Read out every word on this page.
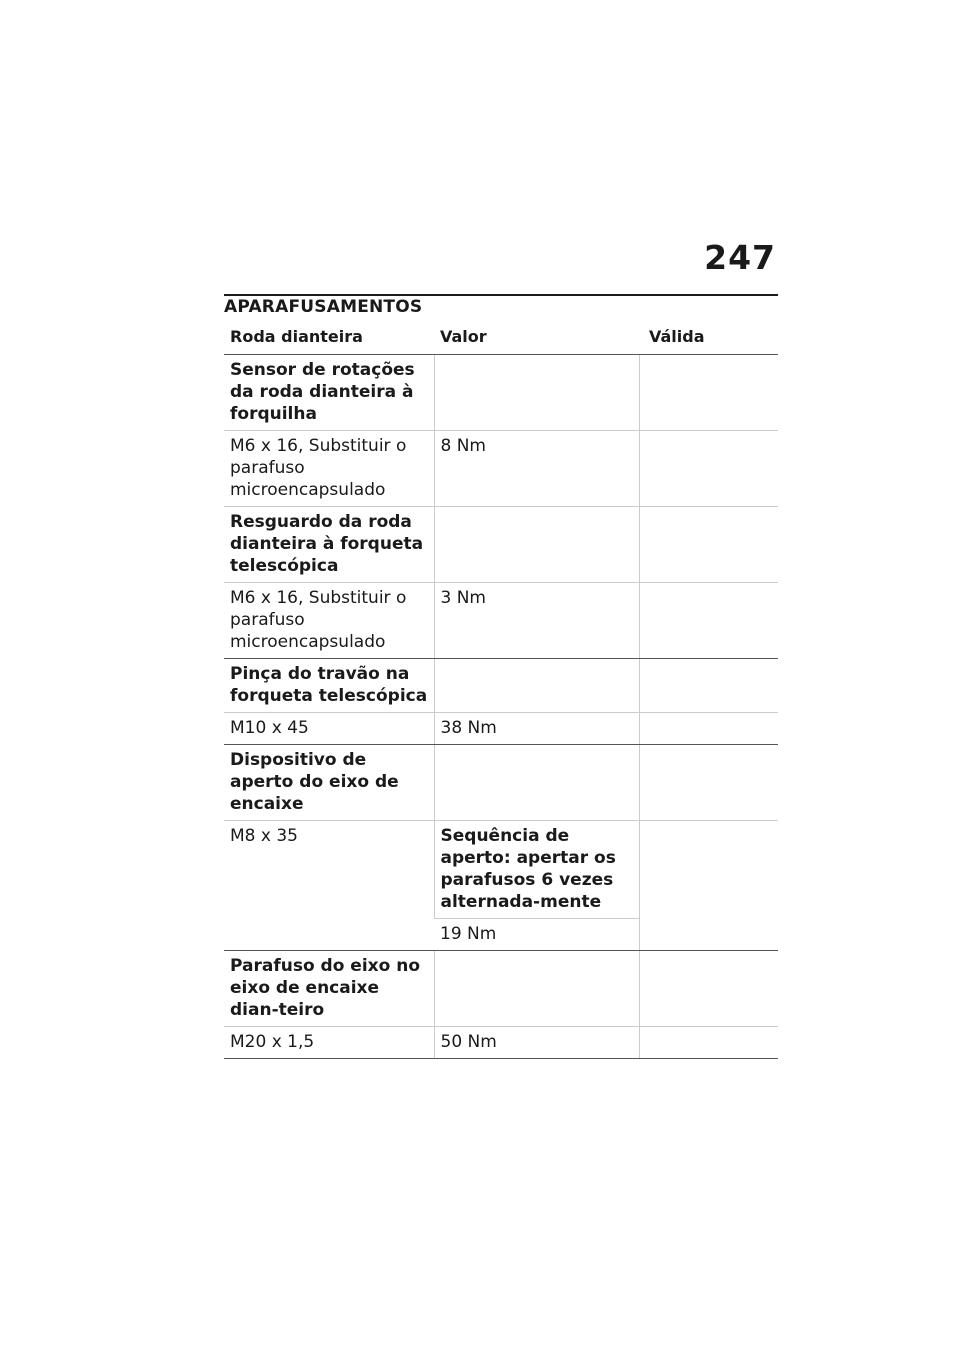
247
APARAFUSAMENTOS
Roda dianteira	Valor	Válida
Sensor de rotações da roda dianteira à forquilha		
M6 x 16, Substituir o parafuso microencapsulado	8 Nm	
Resguardo da roda dianteira à forqueta telescópica		
M6 x 16, Substituir o parafuso microencapsulado	3 Nm	
Pinça do travão na forqueta telescópica		
M10 x 45	38 Nm	
Dispositivo de aperto do eixo de encaixe		
M8 x 35	Sequência de aperto: apertar os parafusos 6 vezes alternada-mente	
	19 Nm	
Parafuso do eixo no eixo de encaixe dian-teiro		
M20 x 1,5	50 Nm	
